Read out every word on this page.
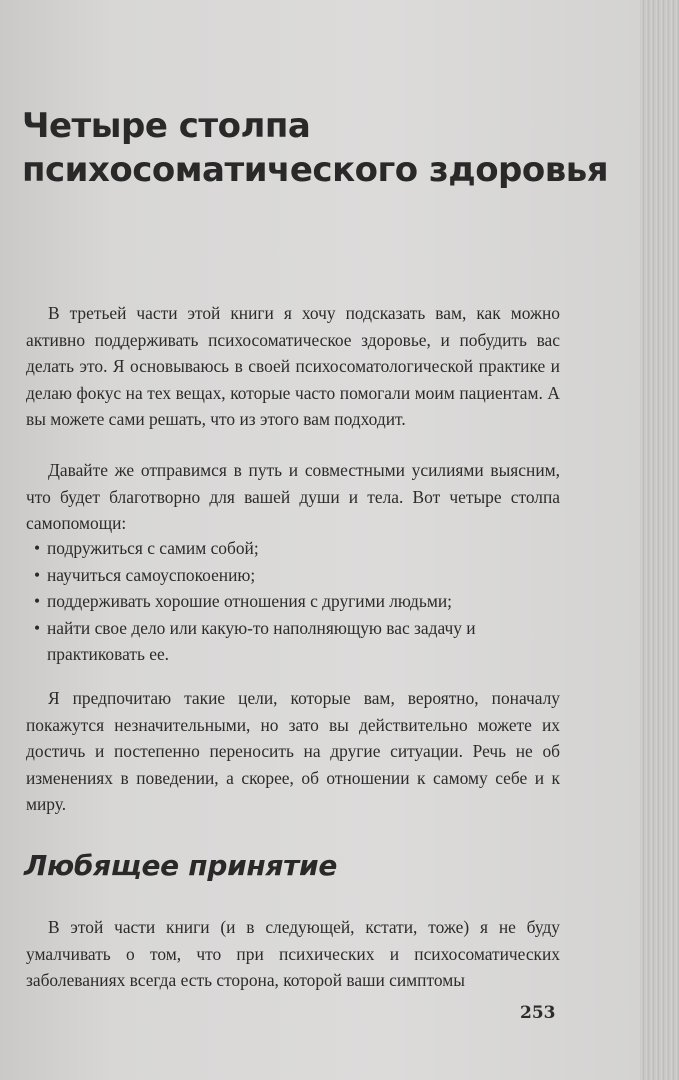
Четыре столпа
психосоматического здоровья

В третьей части этой книги я хочу подсказать вам, как можно активно поддерживать психосоматическое здоровье, и побудить вас делать это. Я основываюсь в своей психосоматологической практике и делаю фокус на тех вещах, которые часто помогали моим пациентам. А вы можете сами решать, что из этого вам подходит.

Давайте же отправимся в путь и совместными усилиями выясним, что будет благотворно для вашей души и тела. Вот четыре столпа самопомощи:

• подружиться с самим собой;
• научиться самоуспокоению;
• поддерживать хорошие отношения с другими людьми;
• найти свое дело или какую-то наполняющую вас задачу и практиковать ее.

Я предпочитаю такие цели, которые вам, вероятно, поначалу покажутся незначительными, но зато вы действительно можете их достичь и постепенно переносить на другие ситуации. Речь не об изменениях в поведении, а скорее, об отношении к самому себе и к миру.

Любящее принятие

В этой части книги (и в следующей, кстати, тоже) я не буду умалчивать о том, что при психических и психосоматических заболеваниях всегда есть сторона, которой ваши симптомы

253
